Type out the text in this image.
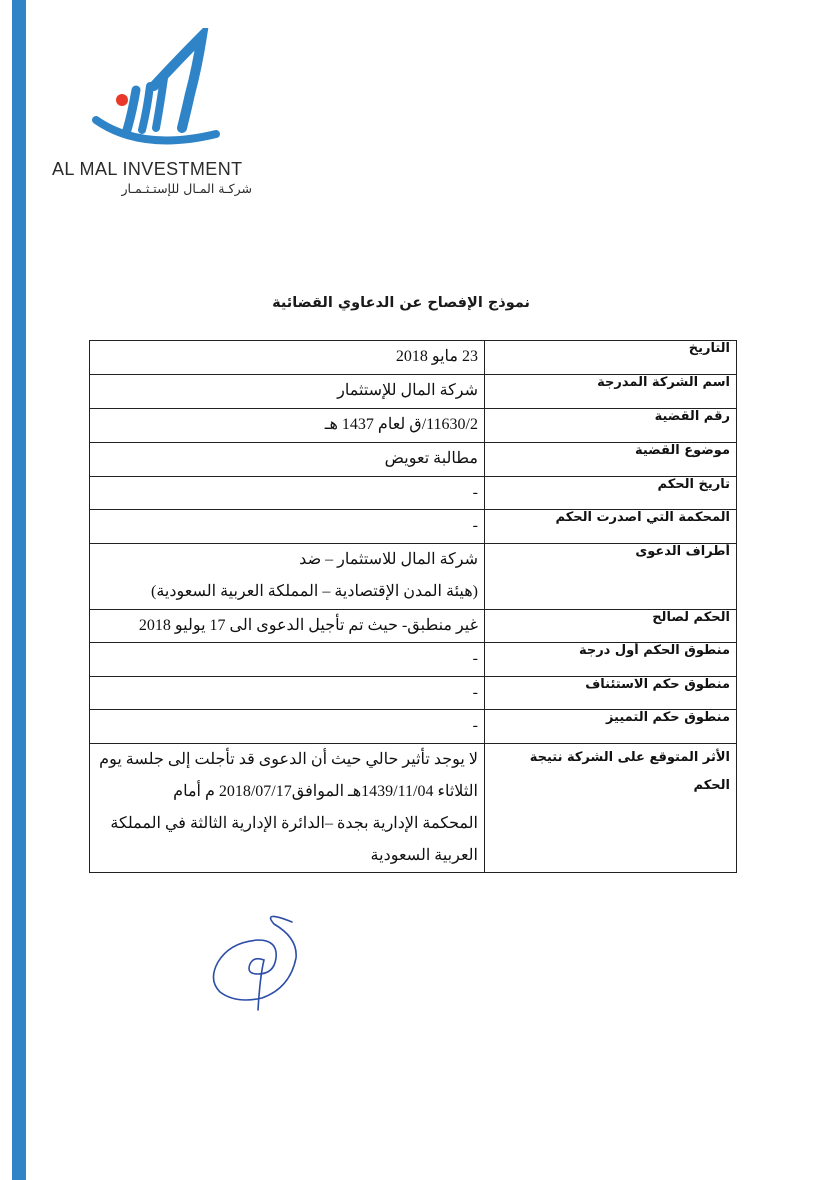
AL MAL INVESTMENT
شركـة المـال للإستـثـمـار
نموذج الإفصاح عن الدعاوي القضائية
التاريخ	23 مايو 2018

اسم الشركة المدرجة	شركة المال للإستثمار

رقم القضية	11630/2/ق لعام 1437 هـ

موضوع القضية	مطالبة تعويض

تاريخ الحكم	-

المحكمة التي اصدرت الحكم	-

أطراف الدعوى	شركة المال للاستثمار – ضد
(هيئة المدن الإقتصادية – المملكة العربية السعودية)

الحكم لصالح	غير منطبق- حيث تم تأجيل الدعوى الى 17 يوليو 2018

منطوق الحكم أول درجة	-

منطوق حكم الاستئناف	-

منطوق حكم التمييز	-

الأثر المتوقع على الشركة نتيجة الحكم	لا يوجد تأثير حالي حيث أن الدعوى قد تأجلت إلى جلسة يوم
الثلاثاء 1439/11/04هـ الموافق2018/07/17 م أمام
المحكمة الإدارية بجدة –الدائرة الإدارية الثالثة في المملكة
العربية السعودية
